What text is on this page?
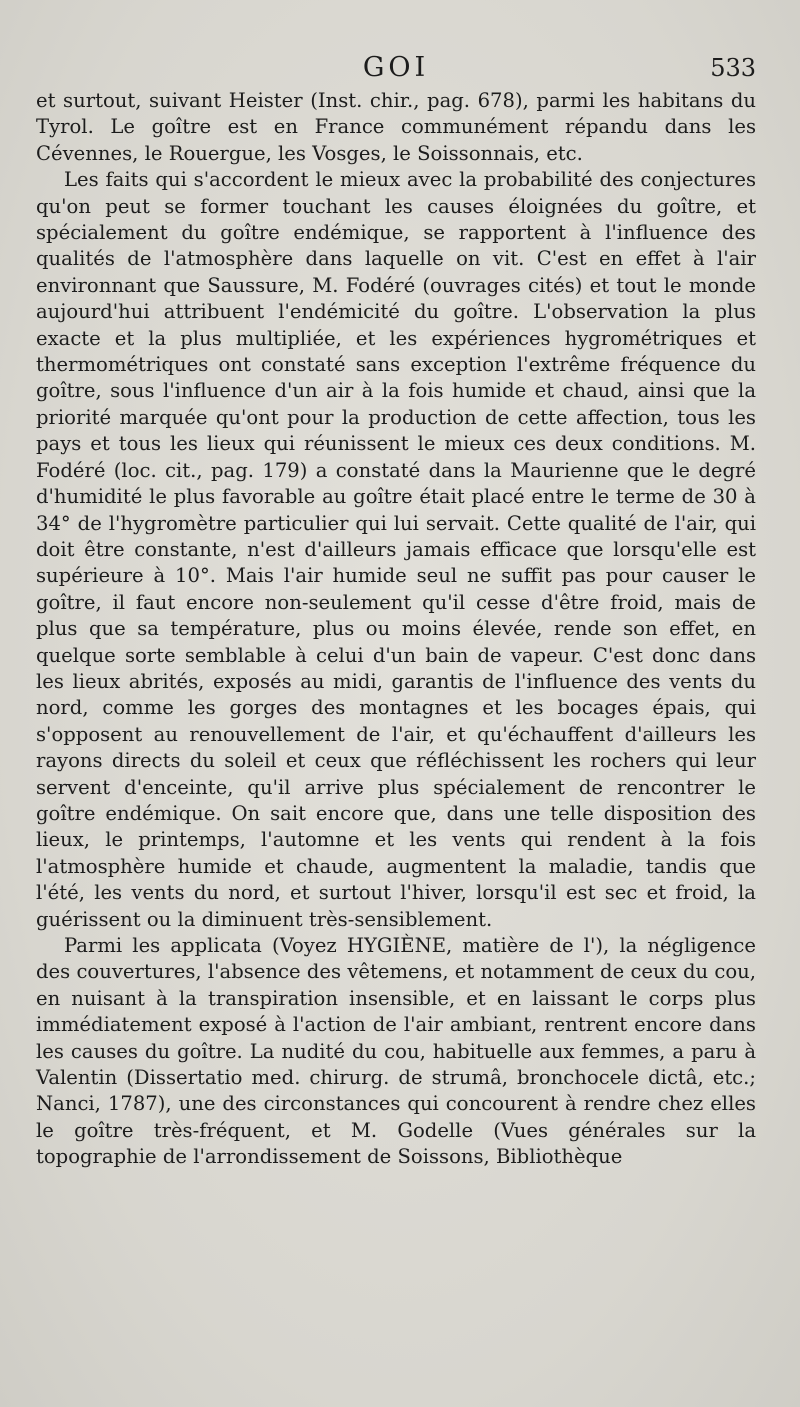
GOI	533

et surtout, suivant Heister (Inst. chir., pag. 678), parmi les habitans du Tyrol. Le goître est en France communément répandu dans les Cévennes, le Rouergue, les Vosges, le Soissonnais, etc.

Les faits qui s'accordent le mieux avec la probabilité des conjectures qu'on peut se former touchant les causes éloignées du goître, et spécialement du goître endémique, se rapportent à l'influence des qualités de l'atmosphère dans laquelle on vit. C'est en effet à l'air environnant que Saussure, M. Fodéré (ouvrages cités) et tout le monde aujourd'hui attribuent l'endémicité du goître. L'observation la plus exacte et la plus multipliée, et les expériences hygrométriques et thermométriques ont constaté sans exception l'extrême fréquence du goître, sous l'influence d'un air à la fois humide et chaud, ainsi que la priorité marquée qu'ont pour la production de cette affection, tous les pays et tous les lieux qui réunissent le mieux ces deux conditions. M. Fodéré (loc. cit., pag. 179) a constaté dans la Maurienne que le degré d'humidité le plus favorable au goître était placé entre le terme de 30 à 34° de l'hygromètre particulier qui lui servait. Cette qualité de l'air, qui doit être constante, n'est d'ailleurs jamais efficace que lorsqu'elle est supérieure à 10°. Mais l'air humide seul ne suffit pas pour causer le goître, il faut encore non-seulement qu'il cesse d'être froid, mais de plus que sa température, plus ou moins élevée, rende son effet, en quelque sorte semblable à celui d'un bain de vapeur. C'est donc dans les lieux abrités, exposés au midi, garantis de l'influence des vents du nord, comme les gorges des montagnes et les bocages épais, qui s'opposent au renouvellement de l'air, et qu'échauffent d'ailleurs les rayons directs du soleil et ceux que réfléchissent les rochers qui leur servent d'enceinte, qu'il arrive plus spécialement de rencontrer le goître endémique. On sait encore que, dans une telle disposition des lieux, le printemps, l'automne et les vents qui rendent à la fois l'atmosphère humide et chaude, augmentent la maladie, tandis que l'été, les vents du nord, et surtout l'hiver, lorsqu'il est sec et froid, la guérissent ou la diminuent très-sensiblement.

Parmi les applicata (Voyez HYGIÈNE, matière de l'), la négligence des couvertures, l'absence des vêtemens, et notamment de ceux du cou, en nuisant à la transpiration insensible, et en laissant le corps plus immédiatement exposé à l'action de l'air ambiant, rentrent encore dans les causes du goître. La nudité du cou, habituelle aux femmes, a paru à Valentin (Dissertatio med. chirurg. de strumâ, bronchocele dictâ, etc.; Nanci, 1787), une des circonstances qui concourent à rendre chez elles le goître très-fréquent, et M. Godelle (Vues générales sur la topographie de l'arrondissement de Soissons, Bibliothèque
